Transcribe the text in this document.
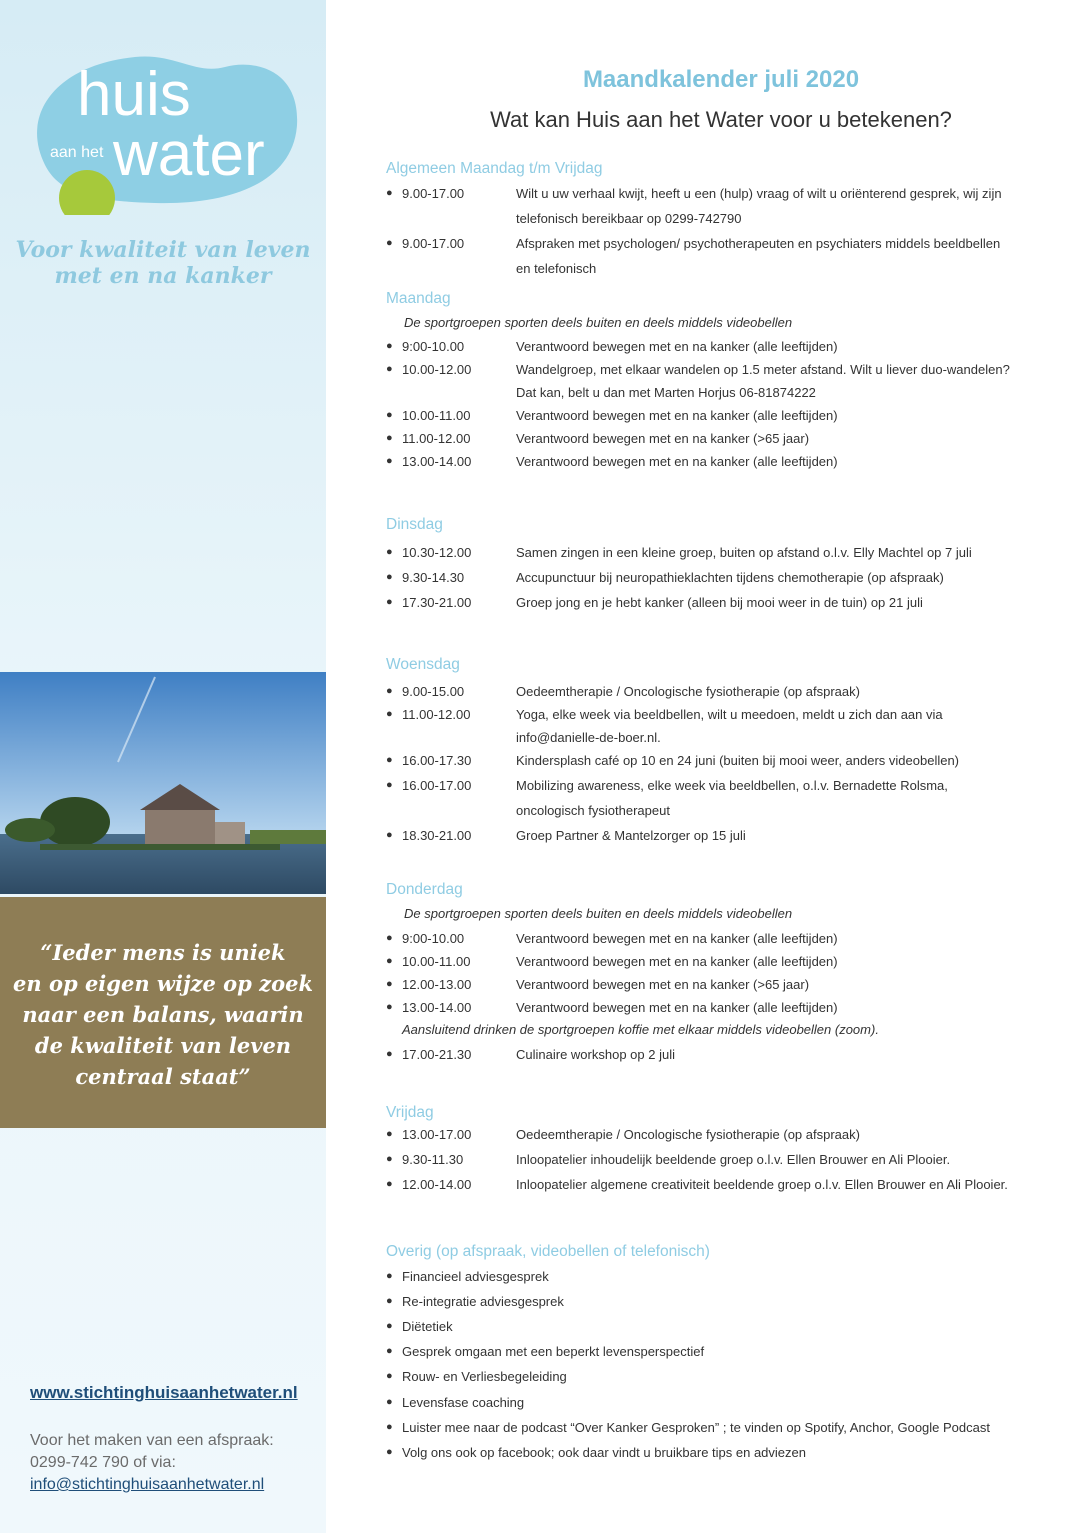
huis
aan het water
Voor kwaliteit van leven
met en na kanker
“Ieder mens is uniek
en op eigen wijze op zoek
naar een balans, waarin
de kwaliteit van leven
centraal staat”
www.stichtinghuisaanhetwater.nl
Voor het maken van een afspraak:
0299-742 790 of via:
info@stichtinghuisaanhetwater.nl
Maandkalender juli 2020
Wat kan Huis aan het Water voor u betekenen?
Algemeen Maandag t/m Vrijdag
● 9.00-17.00	Wilt u uw verhaal kwijt, heeft u een (hulp) vraag of wilt u oriënterend gesprek, wij zijn
telefonisch bereikbaar op 0299-742790
● 9.00-17.00	Afspraken met psychologen/ psychotherapeuten en psychiaters middels beeldbellen
en telefonisch
Maandag
De sportgroepen sporten deels buiten en deels middels videobellen
● 9:00-10.00	Verantwoord bewegen met en na kanker (alle leeftijden)
● 10.00-12.00	Wandelgroep, met elkaar wandelen op 1.5 meter afstand. Wilt u liever duo-wandelen?
Dat kan, belt u dan met Marten Horjus 06-81874222
● 10.00-11.00	Verantwoord bewegen met en na kanker (alle leeftijden)
● 11.00-12.00	Verantwoord bewegen met en na kanker (>65 jaar)
● 13.00-14.00	Verantwoord bewegen met en na kanker (alle leeftijden)
Dinsdag
● 10.30-12.00	Samen zingen in een kleine groep, buiten op afstand o.l.v. Elly Machtel op 7 juli
● 9.30-14.30	Accupunctuur bij neuropathieklachten tijdens chemotherapie (op afspraak)
● 17.30-21.00	Groep jong en je hebt kanker (alleen bij mooi weer in de tuin) op 21 juli
Woensdag
● 9.00-15.00	Oedeemtherapie / Oncologische fysiotherapie (op afspraak)
● 11.00-12.00	Yoga, elke week via beeldbellen, wilt u meedoen, meldt u zich dan aan via
info@danielle-de-boer.nl.
● 16.00-17.30	Kindersplash café op 10 en 24 juni (buiten bij mooi weer, anders videobellen)
● 16.00-17.00	Mobilizing awareness, elke week via beeldbellen, o.l.v. Bernadette Rolsma,
oncologisch fysiotherapeut
● 18.30-21.00	Groep Partner & Mantelzorger op 15 juli
Donderdag
De sportgroepen sporten deels buiten en deels middels videobellen
● 9:00-10.00	Verantwoord bewegen met en na kanker (alle leeftijden)
● 10.00-11.00	Verantwoord bewegen met en na kanker (alle leeftijden)
● 12.00-13.00	Verantwoord bewegen met en na kanker (>65 jaar)
● 13.00-14.00	Verantwoord bewegen met en na kanker (alle leeftijden)
Aansluitend drinken de sportgroepen koffie met elkaar middels videobellen (zoom).
● 17.00-21.30	Culinaire workshop op 2 juli
Vrijdag
● 13.00-17.00	Oedeemtherapie / Oncologische fysiotherapie (op afspraak)
● 9.30-11.30	Inloopatelier inhoudelijk beeldende groep o.l.v. Ellen Brouwer en Ali Plooier.
● 12.00-14.00	Inloopatelier algemene creativiteit beeldende groep o.l.v. Ellen Brouwer en Ali Plooier.
Overig (op afspraak, videobellen of telefonisch)
● Financieel adviesgesprek
● Re-integratie adviesgesprek
● Diëtetiek
● Gesprek omgaan met een beperkt levensperspectief
● Rouw- en Verliesbegeleiding
● Levensfase coaching
● Luister mee naar de podcast “Over Kanker Gesproken” ; te vinden op Spotify, Anchor, Google Podcast
● Volg ons ook op facebook; ook daar vindt u bruikbare tips en adviezen
